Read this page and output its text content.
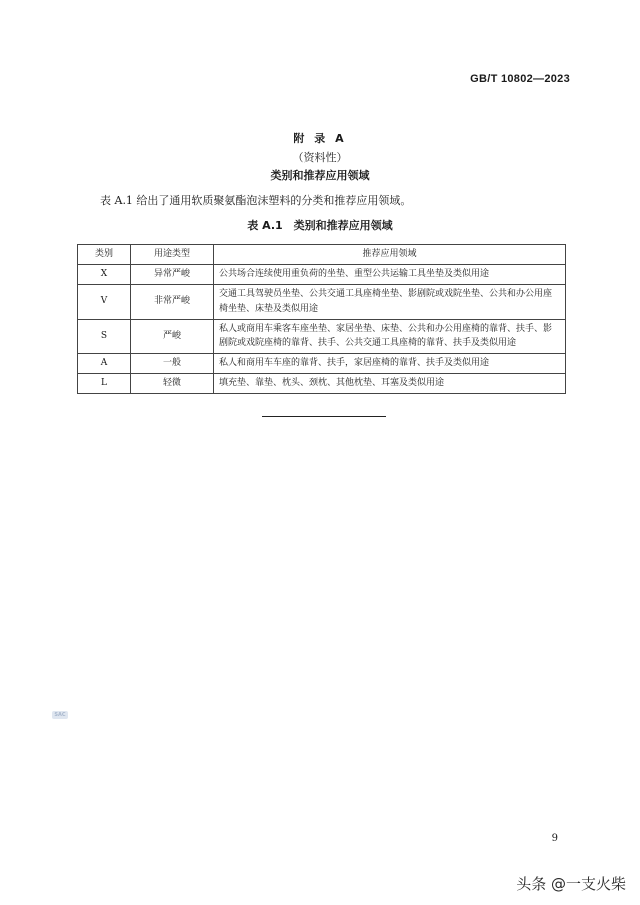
GB/T 10802—2023
附 录 A
（资料性）
类别和推荐应用领域
表 A.1 给出了通用软质聚氨酯泡沫塑料的分类和推荐应用领域。
表 A.1　类别和推荐应用领域
类别	用途类型	推荐应用领域
X	异常严峻	公共场合连续使用重负荷的坐垫、重型公共运输工具坐垫及类似用途
V	非常严峻	交通工具驾驶员坐垫、公共交通工具座椅坐垫、影剧院或戏院坐垫、公共和办公用座椅坐垫、床垫及类似用途
S	严峻	私人或商用车乘客车座坐垫、家居坐垫、床垫、公共和办公用座椅的靠背、扶手、影剧院或戏院座椅的靠背、扶手、公共交通工具座椅的靠背、扶手及类似用途
A	一般	私人和商用车车座的靠背、扶手，家居座椅的靠背、扶手及类似用途
L	轻微	填充垫、靠垫、枕头、颈枕、其他枕垫、耳塞及类似用途
SAC
9
头条 @一支火柴
